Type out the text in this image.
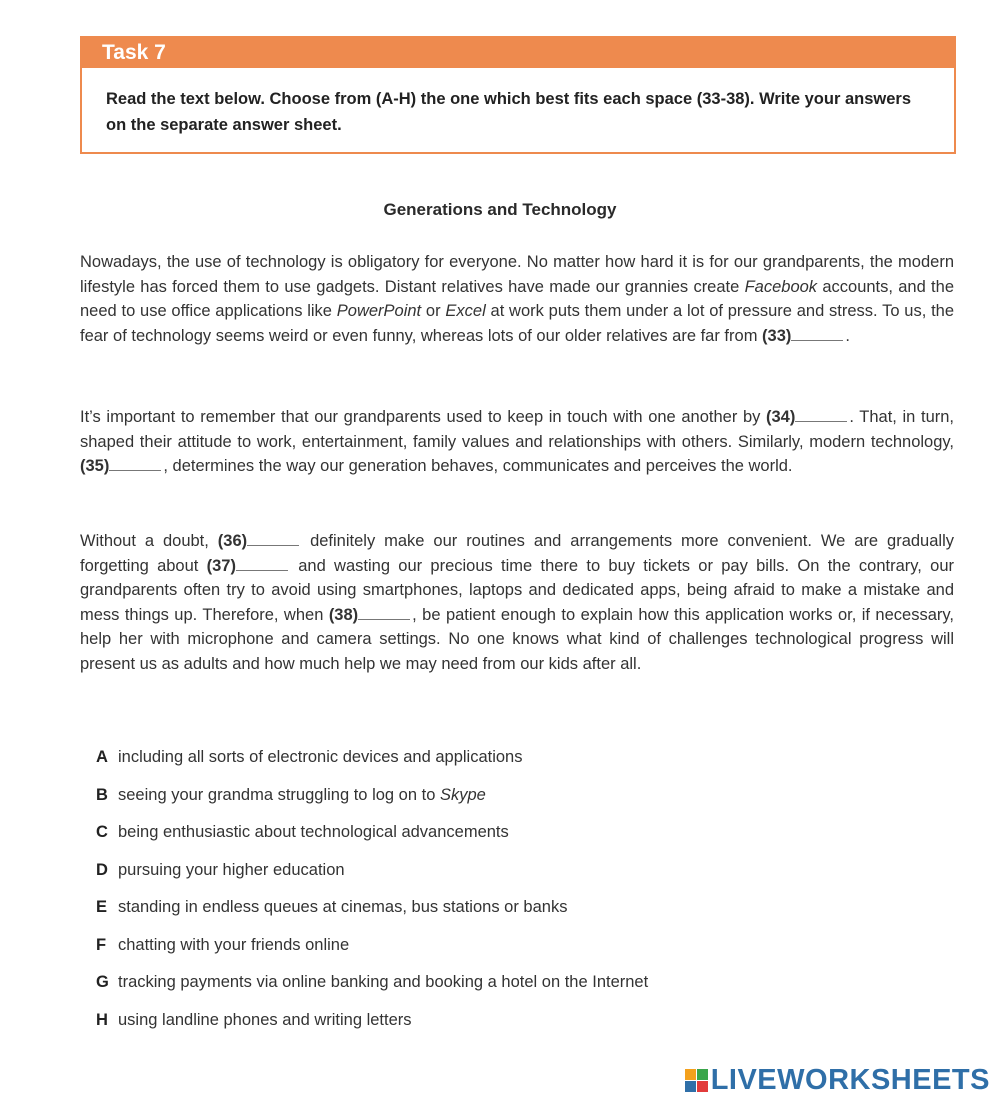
Task 7
Read the text below. Choose from (A-H) the one which best fits each space (33-38). Write your answers on the separate answer sheet.
Generations and Technology
Nowadays, the use of technology is obligatory for everyone. No matter how hard it is for our grandparents, the modern lifestyle has forced them to use gadgets. Distant relatives have made our grannies create Facebook accounts, and the need to use office applications like PowerPoint or Excel at work puts them under a lot of pressure and stress. To us, the fear of technology seems weird or even funny, whereas lots of our older relatives are far from (33)	.
It’s important to remember that our grandparents used to keep in touch with one another by (34)	. That, in turn, shaped their attitude to work, entertainment, family values and relationships with others. Similarly, modern technology, (35)	, determines the way our generation behaves, communicates and perceives the world.
Without a doubt, (36)	definitely make our routines and arrangements more convenient. We are gradually forgetting about (37)	and wasting our precious time there to buy tickets or pay bills. On the contrary, our grandparents often try to avoid using smartphones, laptops and dedicated apps, being afraid to make a mistake and mess things up. Therefore, when (38)	, be patient enough to explain how this application works or, if necessary, help her with microphone and camera settings. No one knows what kind of challenges technological progress will present us as adults and how much help we may need from our kids after all.
A including all sorts of electronic devices and applications
B seeing your grandma struggling to log on to Skype
C being enthusiastic about technological advancements
D pursuing your higher education
E standing in endless queues at cinemas, bus stations or banks
F chatting with your friends online
G tracking payments via online banking and booking a hotel on the Internet
H using landline phones and writing letters
LIVEWORKSHEETS
